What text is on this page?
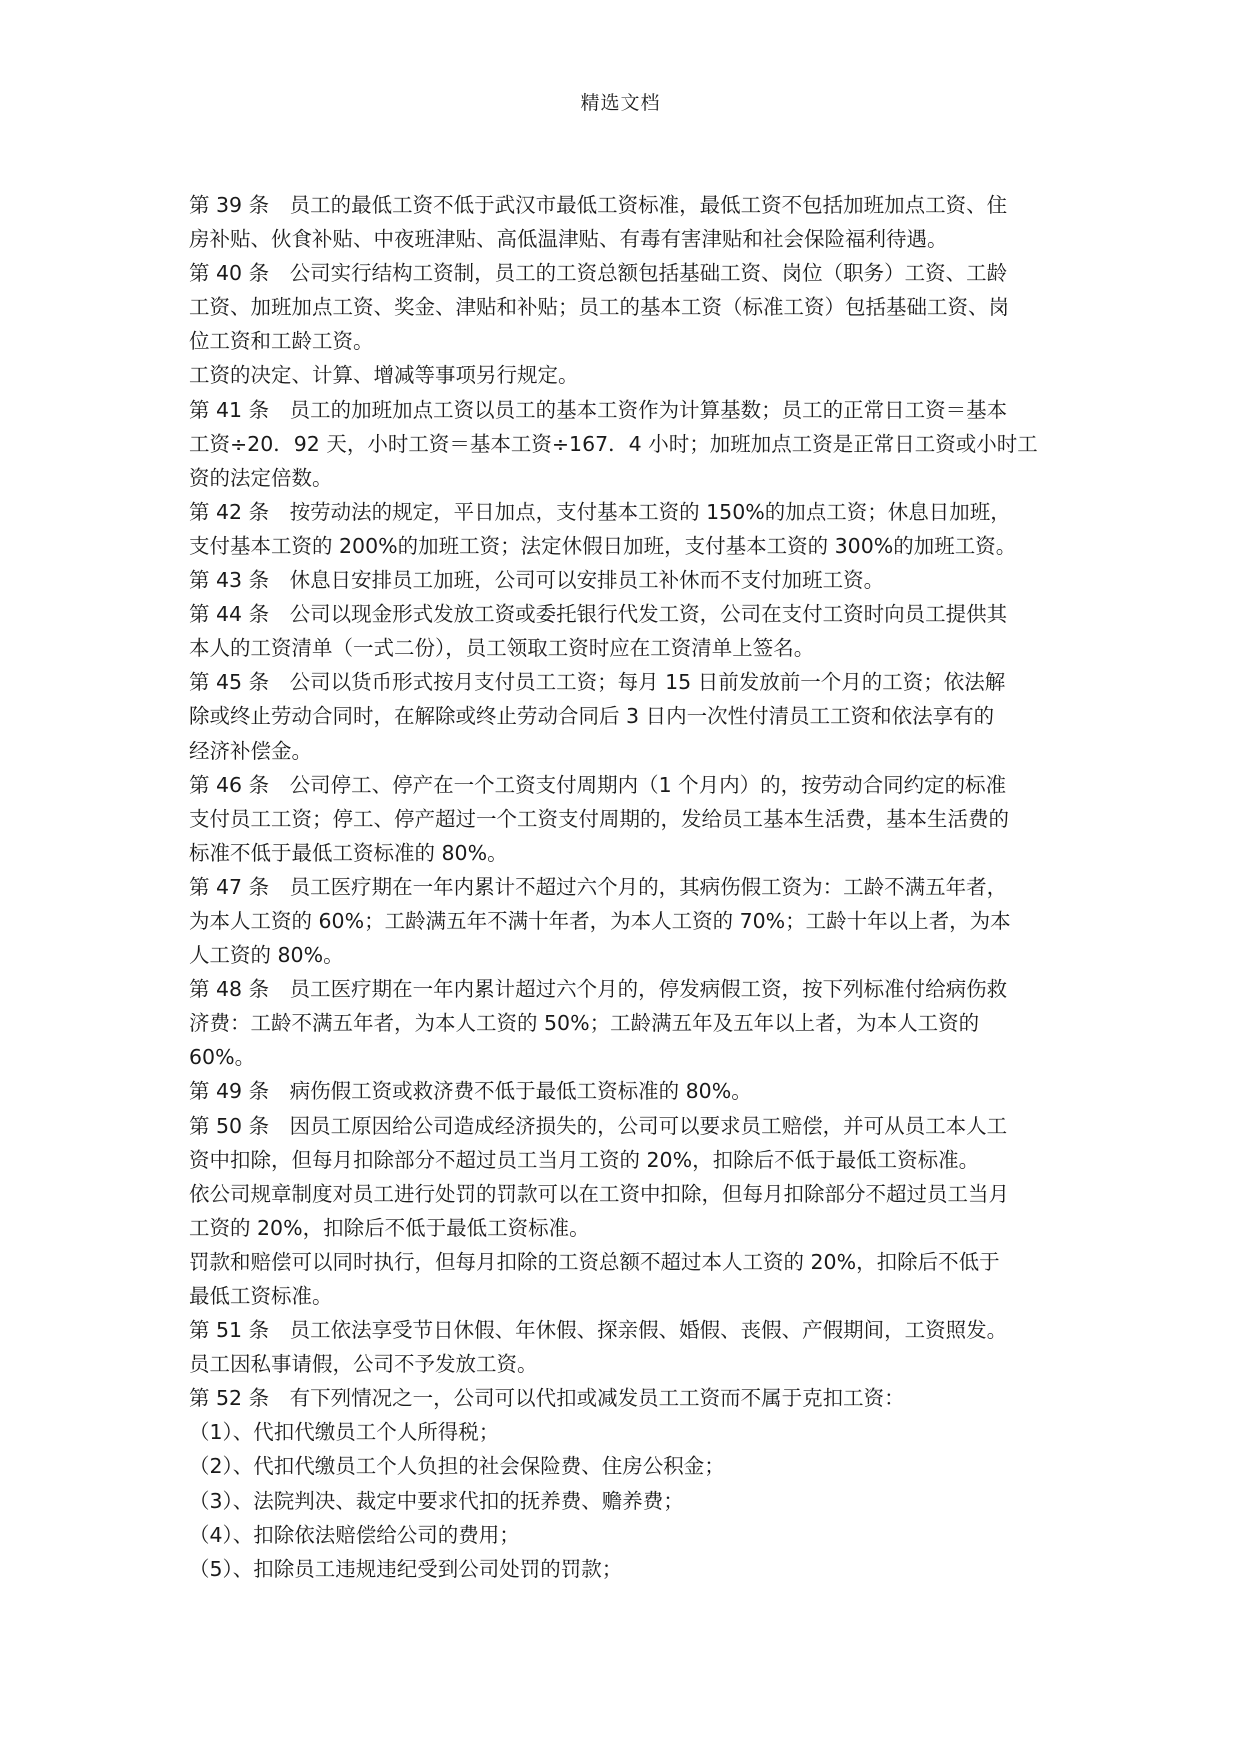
精选文档
第 39 条　员工的最低工资不低于武汉市最低工资标准，最低工资不包括加班加点工资、住
房补贴、伙食补贴、中夜班津贴、高低温津贴、有毒有害津贴和社会保险福利待遇。
第 40 条　公司实行结构工资制，员工的工资总额包括基础工资、岗位（职务）工资、工龄
工资、加班加点工资、奖金、津贴和补贴；员工的基本工资（标准工资）包括基础工资、岗
位工资和工龄工资。
工资的决定、计算、增减等事项另行规定。
第 41 条　员工的加班加点工资以员工的基本工资作为计算基数；员工的正常日工资＝基本
工资÷20．92 天，小时工资＝基本工资÷167．4 小时；加班加点工资是正常日工资或小时工
资的法定倍数。
第 42 条　按劳动法的规定，平日加点，支付基本工资的 150%的加点工资；休息日加班，
支付基本工资的 200%的加班工资；法定休假日加班，支付基本工资的 300%的加班工资。
第 43 条　休息日安排员工加班，公司可以安排员工补休而不支付加班工资。
第 44 条　公司以现金形式发放工资或委托银行代发工资，公司在支付工资时向员工提供其
本人的工资清单（一式二份），员工领取工资时应在工资清单上签名。
第 45 条　公司以货币形式按月支付员工工资；每月 15 日前发放前一个月的工资；依法解
除或终止劳动合同时，在解除或终止劳动合同后 3 日内一次性付清员工工资和依法享有的
经济补偿金。
第 46 条　公司停工、停产在一个工资支付周期内（1 个月内）的，按劳动合同约定的标准
支付员工工资；停工、停产超过一个工资支付周期的，发给员工基本生活费，基本生活费的
标准不低于最低工资标准的 80%。
第 47 条　员工医疗期在一年内累计不超过六个月的，其病伤假工资为：工龄不满五年者，
为本人工资的 60%；工龄满五年不满十年者，为本人工资的 70%；工龄十年以上者，为本
人工资的 80%。
第 48 条　员工医疗期在一年内累计超过六个月的，停发病假工资，按下列标准付给病伤救
济费：工龄不满五年者，为本人工资的 50%；工龄满五年及五年以上者，为本人工资的
60%。
第 49 条　病伤假工资或救济费不低于最低工资标准的 80%。
第 50 条　因员工原因给公司造成经济损失的，公司可以要求员工赔偿，并可从员工本人工
资中扣除，但每月扣除部分不超过员工当月工资的 20%，扣除后不低于最低工资标准。
依公司规章制度对员工进行处罚的罚款可以在工资中扣除，但每月扣除部分不超过员工当月
工资的 20%，扣除后不低于最低工资标准。
罚款和赔偿可以同时执行，但每月扣除的工资总额不超过本人工资的 20%，扣除后不低于
最低工资标准。
第 51 条　员工依法享受节日休假、年休假、探亲假、婚假、丧假、产假期间，工资照发。
员工因私事请假，公司不予发放工资。
第 52 条　有下列情况之一，公司可以代扣或减发员工工资而不属于克扣工资：
（1）、代扣代缴员工个人所得税；
（2）、代扣代缴员工个人负担的社会保险费、住房公积金；
（3）、法院判决、裁定中要求代扣的抚养费、赡养费；
（4）、扣除依法赔偿给公司的费用；
（5）、扣除员工违规违纪受到公司处罚的罚款；
